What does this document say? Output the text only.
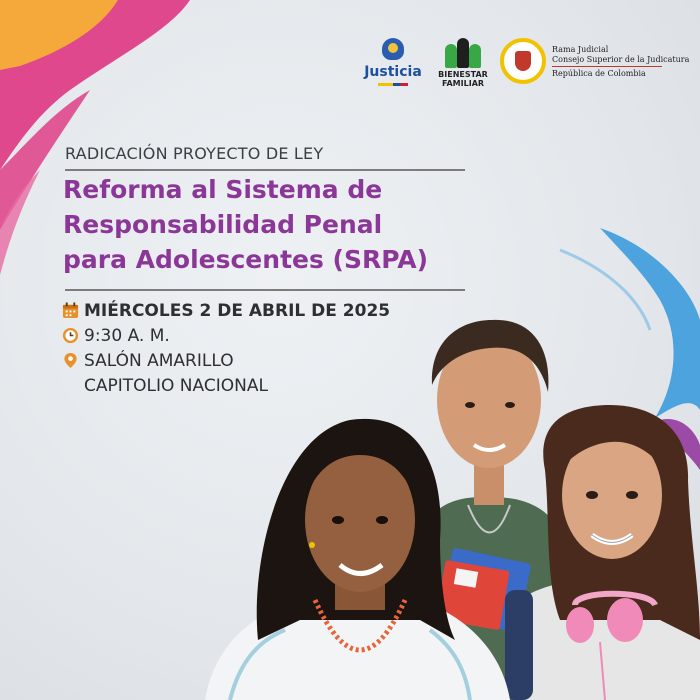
Justicia	BIENESTAR
FAMILIAR
Rama Judicial
Consejo Superior de la Judicatura
República de Colombia
RADICACIÓN PROYECTO DE LEY
Reforma al Sistema de
Responsabilidad Penal
para Adolescentes (SRPA)
MIÉRCOLES 2 DE ABRIL DE 2025
9:30 A. M.
SALÓN AMARILLO
CAPITOLIO NACIONAL
